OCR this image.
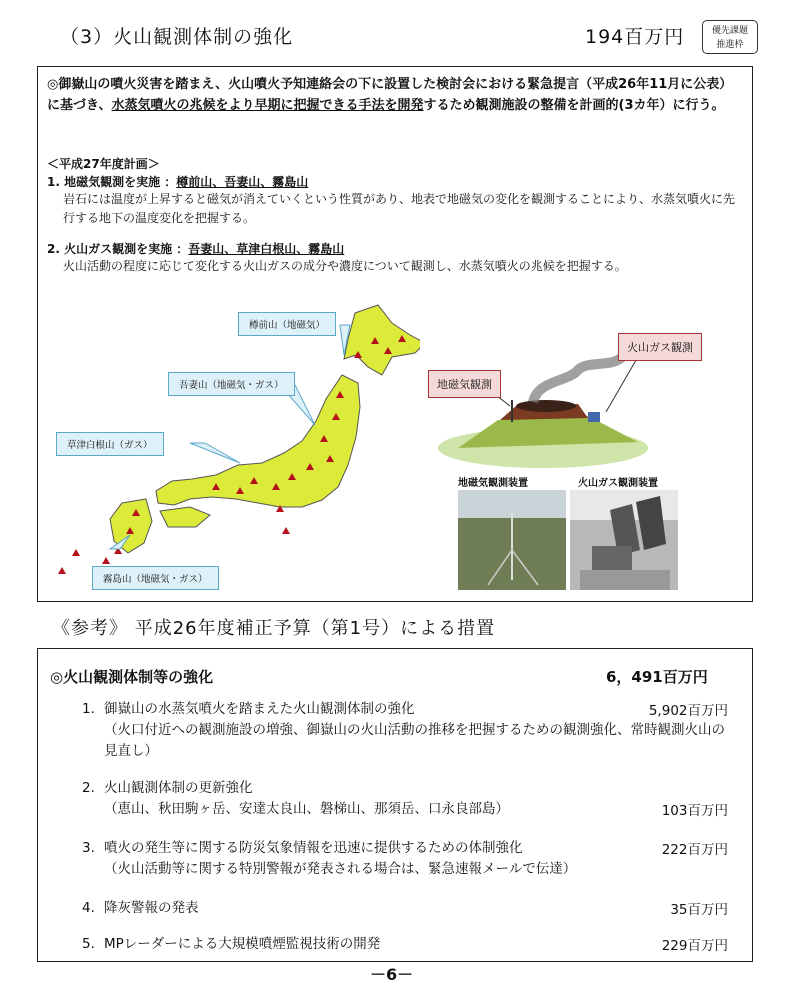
（3）火山観測体制の強化	194百万円	優先課題
推進枠
◎御嶽山の噴火災害を踏まえ、火山噴火予知連絡会の下に設置した検討会における緊急提言（平成26年11月に公表）に基づき、水蒸気噴火の兆候をより早期に把握できる手法を開発するため観測施設の整備を計画的(3カ年）に行う。
＜平成27年度計画＞
1. 地磁気観測を実施 ：樽前山、吾妻山、霧島山
岩石には温度が上昇すると磁気が消えていくという性質があり、地表で地磁気の変化を観測することにより、水蒸気噴火に先行する地下の温度変化を把握する。
2. 火山ガス観測を実施 ：吾妻山、草津白根山、霧島山
火山活動の程度に応じて変化する火山ガスの成分や濃度について観測し、水蒸気噴火の兆候を把握する。
樽前山（地磁気）
吾妻山（地磁気・ガス）
草津白根山（ガス）
霧島山（地磁気・ガス）
火山ガス観測
地磁気観測
地磁気観測装置	火山ガス観測装置
《参考》 平成26年度補正予算（第1号）による措置
◎火山観測体制等の強化	6，491百万円
1. 御嶽山の水蒸気噴火を踏まえた火山観測体制の強化	5,902百万円
（火口付近への観測施設の増強、御嶽山の火山活動の推移を把握するための観測強化、常時観測火山の見直し）
2. 火山観測体制の更新強化
（恵山、秋田駒ヶ岳、安達太良山、磐梯山、那須岳、口永良部島）	103百万円
3. 噴火の発生等に関する防災気象情報を迅速に提供するための体制強化	222百万円
（火山活動等に関する特別警報が発表される場合は、緊急速報メールで伝達）
4. 降灰警報の発表	35百万円
5. MPレーダーによる大規模噴煙監視技術の開発	229百万円
－6－
